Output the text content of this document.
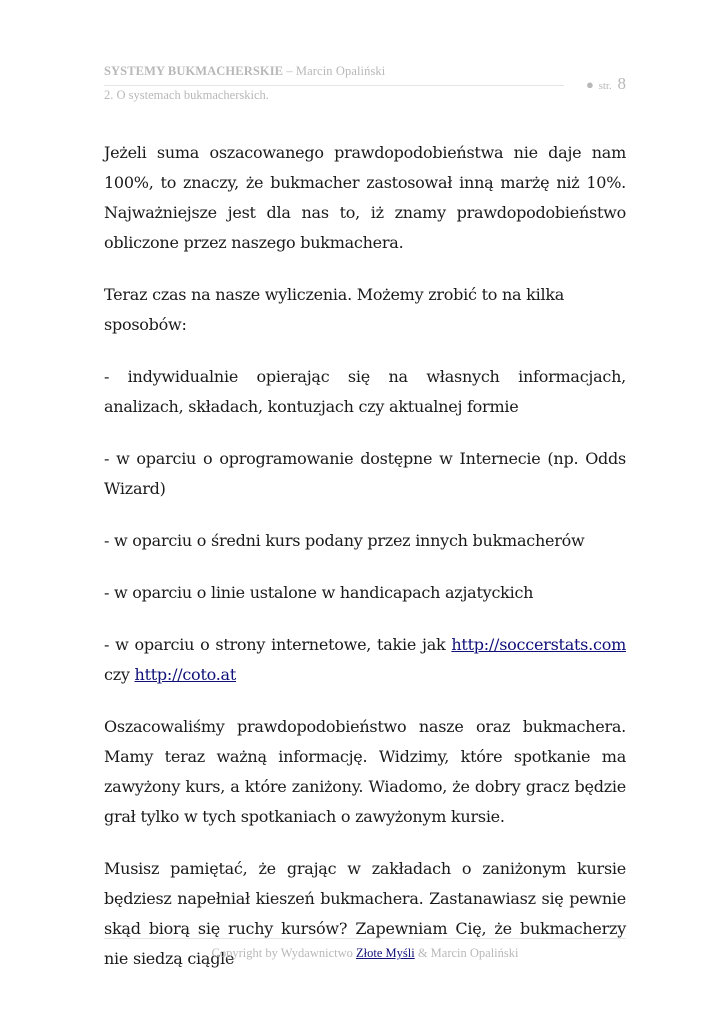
SYSTEMY BUKMACHERSKIE – Marcin Opaliński
● str. 8
2. O systemach bukmacherskich.

Jeżeli suma oszacowanego prawdopodobieństwa nie daje nam 100%, to znaczy, że bukmacher zastosował inną marżę niż 10%. Najważniejsze jest dla nas to, iż znamy prawdopodobieństwo obliczone przez naszego bukmachera.

Teraz czas na nasze wyliczenia. Możemy zrobić to na kilka sposobów:

- indywidualnie opierając się na własnych informacjach, analizach, składach, kontuzjach czy aktualnej formie

- w oparciu o oprogramowanie dostępne w Internecie (np. Odds Wizard)

- w oparciu o średni kurs podany przez innych bukmacherów

- w oparciu o linie ustalone w handicapach azjatyckich

- w oparciu o strony internetowe, takie jak http://soccerstats.com czy http://coto.at

Oszacowaliśmy prawdopodobieństwo nasze oraz bukmachera. Mamy teraz ważną informację. Widzimy, które spotkanie ma zawyżony kurs, a które zaniżony. Wiadomo, że dobry gracz będzie grał tylko w tych spotkaniach o zawyżonym kursie.

Musisz pamiętać, że grając w zakładach o zaniżonym kursie będziesz napełniał kieszeń bukmachera. Zastanawiasz się pewnie skąd biorą się ruchy kursów? Zapewniam Cię, że bukmacherzy nie siedzą ciągle

Copyright by Wydawnictwo Złote Myśli & Marcin Opaliński
